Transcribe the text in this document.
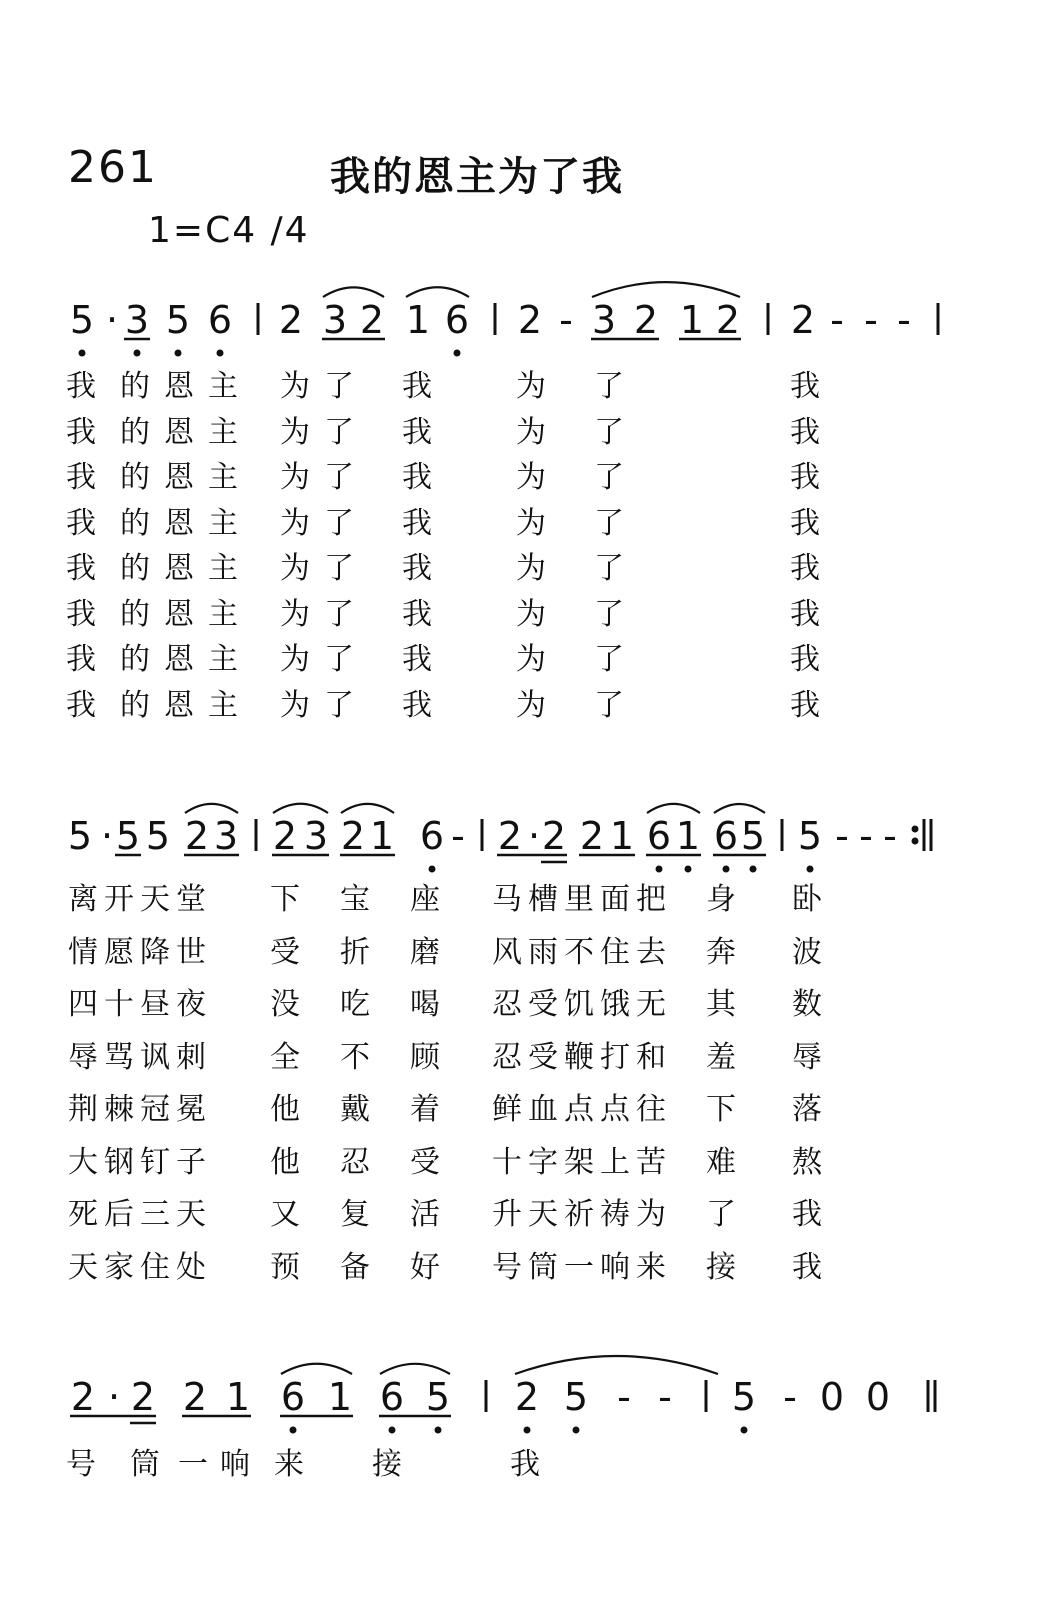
261	我的恩主为了我
1=C4 /4
5 · 3 5 6 2 3 2 1 6 2 - 3 2 1 2 2 - - -
5 · 5 5 2 3 2 3 2 1 6 - 2 · 2 2 1 6 1 6 5 5 - - -
2 · 2 2 1 6 1 6 5 2 5 - - 5 - 0 0
我
我
我
我
我
我
我
我
的恩主
的恩主
的恩主
的恩主
的恩主
的恩主
的恩主
的恩主
为了
为了
为了
为了
为了
为了
为了
为了
我
我
我
我
我
我
我
我
为
为
为
为
为
为
为
为
了
了
了
了
了
了
了
了
我
我
我
我
我
我
我
我
离开天堂
情愿降世
四十昼夜
辱骂讽刺
荆棘冠冕
大钢钉子
死后三天
天家住处
下
受
没
全
他
他
又
预
宝
折
吃
不
戴
忍
复
备
座
磨
喝
顾
着
受
活
好
马槽里面把
风雨不住去
忍受饥饿无
忍受鞭打和
鲜血点点往
十字架上苦
升天祈祷为
号筒一响来
身
奔
其
羞
下
难
了
接
卧
波
数
辱
落
熬
我
我
号 筒 一 响 来 接	我
